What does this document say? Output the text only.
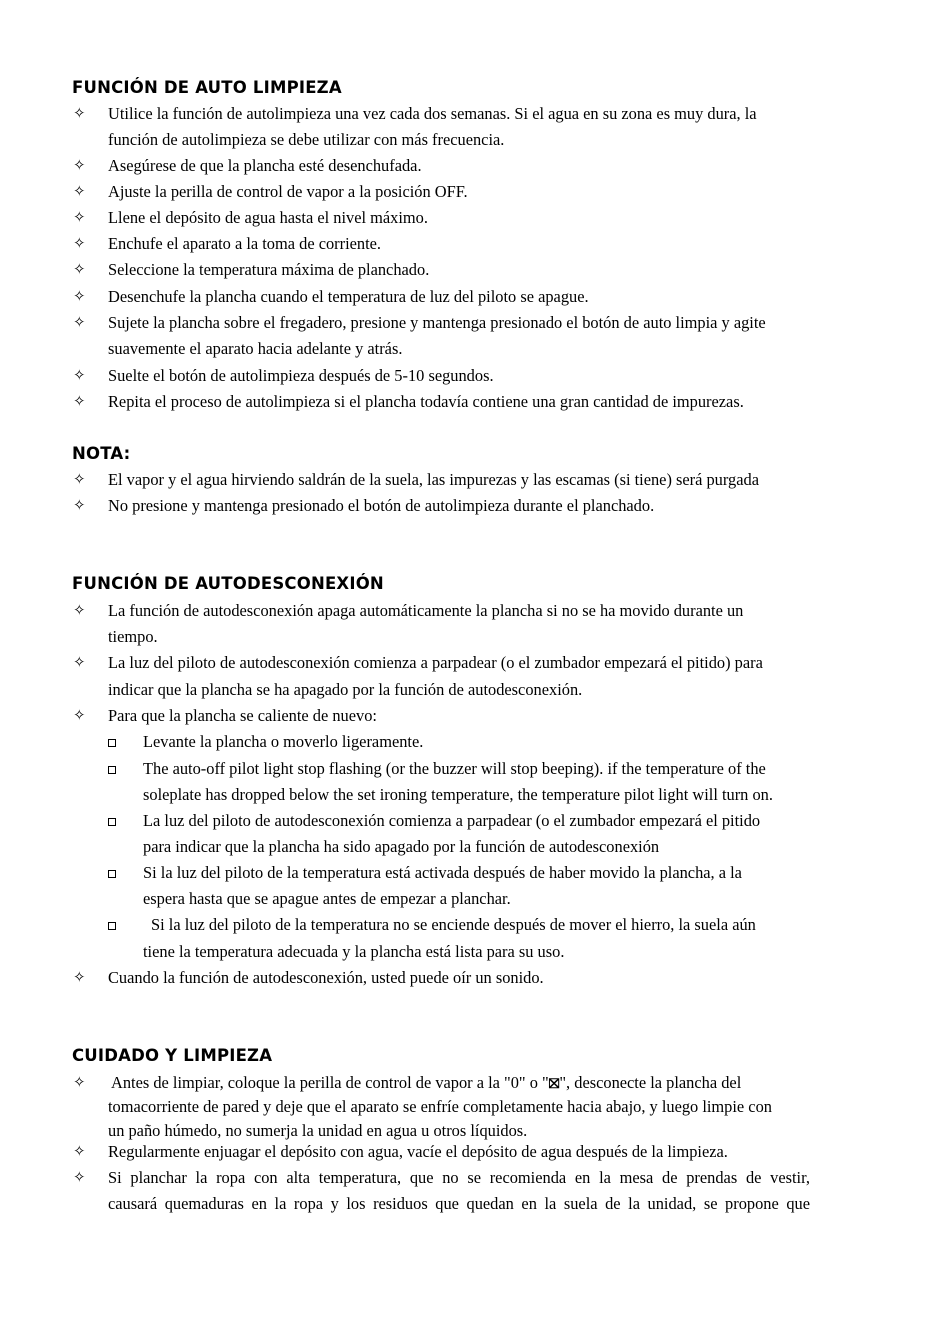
FUNCIÓN DE AUTO LIMPIEZA
✧ Utilice la función de autolimpieza una vez cada dos semanas. Si el agua en su zona es muy dura, la
función de autolimpieza se debe utilizar con más frecuencia.
✧ Asegúrese de que la plancha esté desenchufada.
✧ Ajuste la perilla de control de vapor a la posición OFF.
✧ Llene el depósito de agua hasta el nivel máximo.
✧ Enchufe el aparato a la toma de corriente.
✧ Seleccione la temperatura máxima de planchado.
✧ Desenchufe la plancha cuando el temperatura de luz del piloto se apague.
✧ Sujete la plancha sobre el fregadero, presione y mantenga presionado el botón de auto limpia y agite
suavemente el aparato hacia adelante y atrás.
✧ Suelte el botón de autolimpieza después de 5-10 segundos.
✧ Repita el proceso de autolimpieza si el plancha todavía contiene una gran cantidad de impurezas.
NOTA:
✧ El vapor y el agua hirviendo saldrán de la suela, las impurezas y las escamas (si tiene) será purgada
✧ No presione y mantenga presionado el botón de autolimpieza durante el planchado.
FUNCIÓN DE AUTODESCONEXIÓN
✧ La función de autodesconexión apaga automáticamente la plancha si no se ha movido durante un
tiempo.
✧ La luz del piloto de autodesconexión comienza a parpadear (o el zumbador empezará el pitido) para
indicar que la plancha se ha apagado por la función de autodesconexión.
✧ Para que la plancha se caliente de nuevo:
Levante la plancha o moverlo ligeramente.
The auto-off pilot light stop flashing (or the buzzer will stop beeping). if the temperature of the
soleplate has dropped below the set ironing temperature, the temperature pilot light will turn on.
La luz del piloto de autodesconexión comienza a parpadear (o el zumbador empezará el pitido
para indicar que la plancha ha sido apagado por la función de autodesconexión
Si la luz del piloto de la temperatura está activada después de haber movido la plancha, a la
espera hasta que se apague antes de empezar a planchar.
Si la luz del piloto de la temperatura no se enciende después de mover el hierro, la suela aún
tiene la temperatura adecuada y la plancha está lista para su uso.
✧ Cuando la función de autodesconexión, usted puede oír un sonido.
CUIDADO Y LIMPIEZA
✧ Antes de limpiar, coloque la perilla de control de vapor a la "0" o "⛝", desconecte la plancha del
tomacorriente de pared y deje que el aparato se enfríe completamente hacia abajo, y luego limpie con
un paño húmedo, no sumerja la unidad en agua u otros líquidos.
✧ Regularmente enjuagar el depósito con agua, vacíe el depósito de agua después de la limpieza.
✧ Si planchar la ropa con alta temperatura, que no se recomienda en la mesa de prendas de vestir,
causará quemaduras en la ropa y los residuos que quedan en la suela de la unidad, se propone que
